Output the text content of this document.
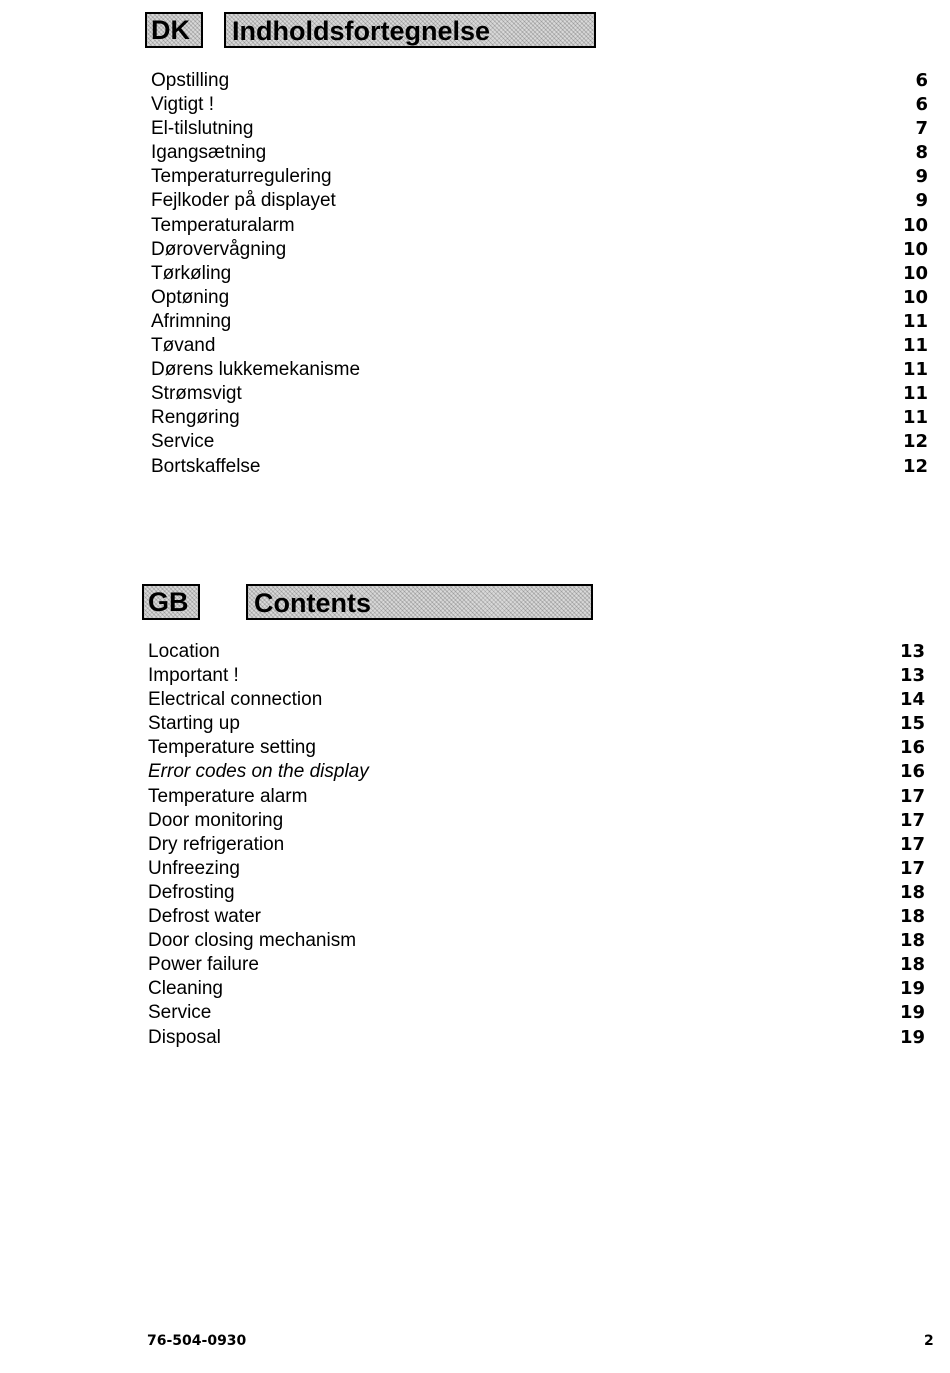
DK	Indholdsfortegnelse
Opstilling	6
Vigtigt !	6
El-tilslutning	7
Igangsætning	8
Temperaturregulering	9
Fejlkoder på displayet	9
Temperaturalarm	10
Dørovervågning	10
Tørkøling	10
Optøning	10
Afrimning	11
Tøvand	11
Dørens lukkemekanisme	11
Strømsvigt	11
Rengøring	11
Service	12
Bortskaffelse	12
GB	Contents
Location	13
Important !	13
Electrical connection	14
Starting up	15
Temperature setting	16
Error codes on the display	16
Temperature alarm	17
Door monitoring	17
Dry refrigeration	17
Unfreezing	17
Defrosting	18
Defrost water	18
Door closing mechanism	18
Power failure	18
Cleaning	19
Service	19
Disposal	19
76-504-0930	2
